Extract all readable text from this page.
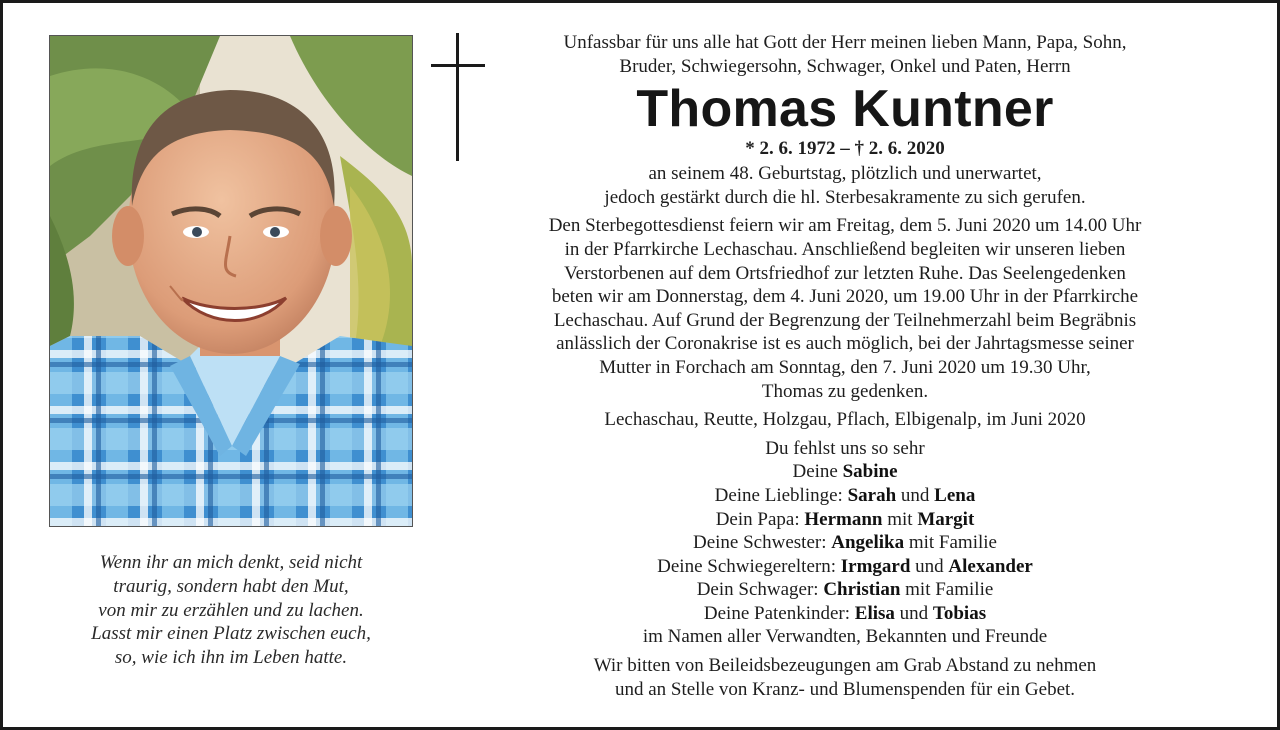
Wenn ihr an mich denkt, seid nicht
traurig, sondern habt den Mut,
von mir zu erzählen und zu lachen.
Lasst mir einen Platz zwischen euch,
so, wie ich ihn im Leben hatte.
Unfassbar für uns alle hat Gott der Herr meinen lieben Mann, Papa, Sohn,
Bruder, Schwiegersohn, Schwager, Onkel und Paten, Herrn
Thomas Kuntner
* 2. 6. 1972 – † 2. 6. 2020
an seinem 48. Geburtstag, plötzlich und unerwartet,
jedoch gestärkt durch die hl. Sterbesakramente zu sich gerufen.
Den Sterbegottesdienst feiern wir am Freitag, dem 5. Juni 2020 um 14.00 Uhr
in der Pfarrkirche Lechaschau. Anschließend begleiten wir unseren lieben
Verstorbenen auf dem Ortsfriedhof zur letzten Ruhe. Das Seelengedenken
beten wir am Donnerstag, dem 4. Juni 2020, um 19.00 Uhr in der Pfarrkirche
Lechaschau. Auf Grund der Begrenzung der Teilnehmerzahl beim Begräbnis
anlässlich der Coronakrise ist es auch möglich, bei der Jahrtagsmesse seiner
Mutter in Forchach am Sonntag, den 7. Juni 2020 um 19.30 Uhr,
Thomas zu gedenken.
Lechaschau, Reutte, Holzgau, Pflach, Elbigenalp, im Juni 2020
Du fehlst uns so sehr
Deine Sabine
Deine Lieblinge: Sarah und Lena
Dein Papa: Hermann mit Margit
Deine Schwester: Angelika mit Familie
Deine Schwiegereltern: Irmgard und Alexander
Dein Schwager: Christian mit Familie
Deine Patenkinder: Elisa und Tobias
im Namen aller Verwandten, Bekannten und Freunde
Wir bitten von Beileidsbezeugungen am Grab Abstand zu nehmen
und an Stelle von Kranz- und Blumenspenden für ein Gebet.
